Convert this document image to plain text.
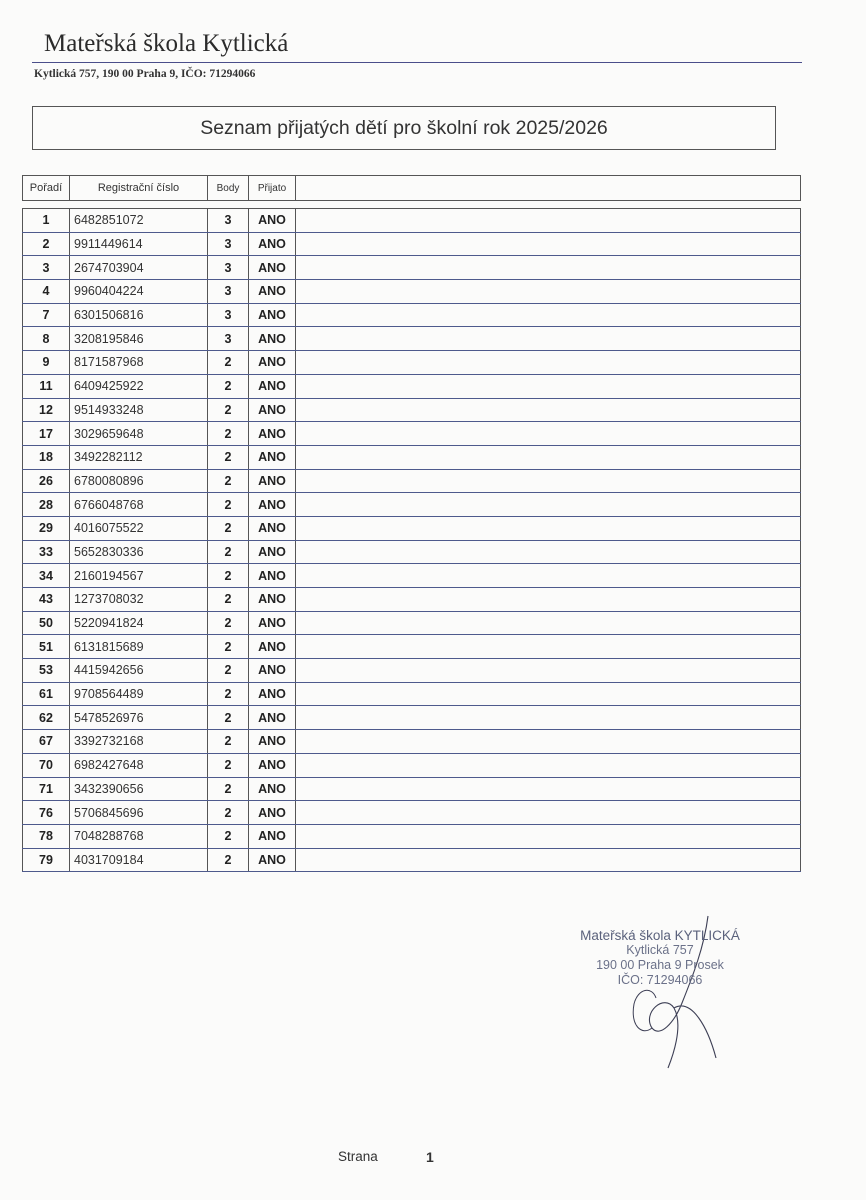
Mateřská škola Kytlická
Kytlická 757, 190 00 Praha 9, IČO: 71294066
Seznam přijatých dětí pro školní rok 2025/2026
Pořadí	Registrační číslo	Body	Přijato	
1	6482851072	3	ANO	
2	9911449614	3	ANO	
3	2674703904	3	ANO	
4	9960404224	3	ANO	
7	6301506816	3	ANO	
8	3208195846	3	ANO	
9	8171587968	2	ANO	
11	6409425922	2	ANO	
12	9514933248	2	ANO	
17	3029659648	2	ANO	
18	3492282112	2	ANO	
26	6780080896	2	ANO	
28	6766048768	2	ANO	
29	4016075522	2	ANO	
33	5652830336	2	ANO	
34	2160194567	2	ANO	
43	1273708032	2	ANO	
50	5220941824	2	ANO	
51	6131815689	2	ANO	
53	4415942656	2	ANO	
61	9708564489	2	ANO	
62	5478526976	2	ANO	
67	3392732168	2	ANO	
70	6982427648	2	ANO	
71	3432390656	2	ANO	
76	5706845696	2	ANO	
78	7048288768	2	ANO	
79	4031709184	2	ANO	
Mateřská škola KYTLICKÁ
Kytlická 757
190 00 Praha 9 Prosek
IČO: 71294066
Strana	1
